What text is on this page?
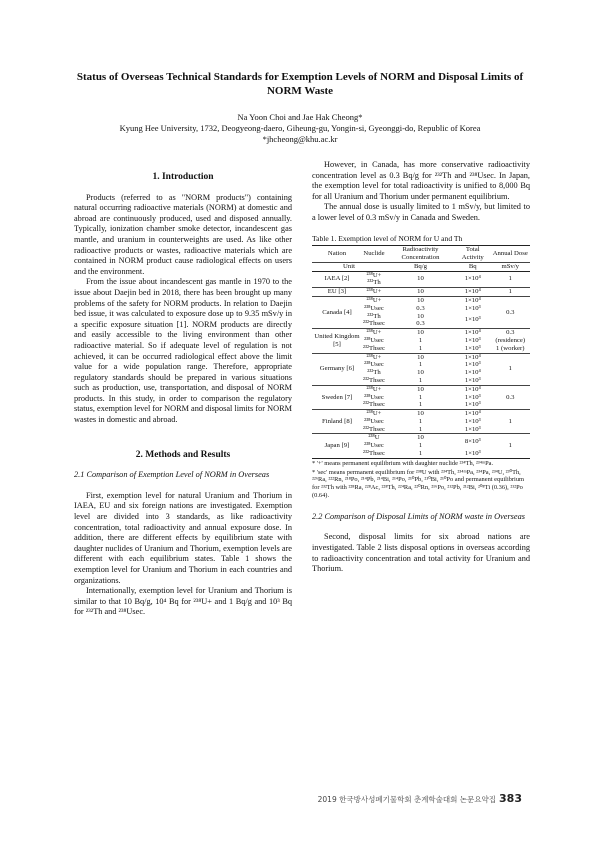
Status of Overseas Technical Standards for Exemption Levels of NORM and Disposal Limits of NORM Waste
Na Yoon Choi and Jae Hak Cheong*
Kyung Hee University, 1732, Deogyeong-daero, Giheung-gu, Yongin-si, Gyeonggi-do, Republic of Korea
*jhcheong@khu.ac.kr
1. Introduction

Products (referred to as "NORM products") containing natural occurring radioactive materials (NORM) at domestic and abroad are continuously produced, used and disposed annually. Typically, ionization chamber smoke detector, incandescent gas mantle, and uranium in counterweights are used. As like other radioactive products or wastes, radioactive materials which are contained in NORM product cause radiological effects on users and the environment.

From the issue about incandescent gas mantle in 1970 to the issue about Daejin bed in 2018, there has been brought up many problems of the safety for NORM products. In relation to Daejin bed issue, it was calculated to exposure dose up to 9.35 mSv/y in a specific exposure situation [1]. NORM products are directly and easily accessible to the living environment than other radioactive material. So if adequate level of regulation is not achieved, it can be occurred radiological effect above the limit value for a wide population range. Therefore, appropriate regulatory standards should be prepared in various situations such as production, use, transportation, and disposal of NORM products. In this study, in order to comparison the regulatory status, exemption level for NORM and disposal limits for NORM wastes in domestic and abroad.

2. Methods and Results
2.1 Comparison of Exemption Level of NORM in Overseas

First, exemption level for natural Uranium and Thorium in IAEA, EU and six foreign nations are investigated. Exemption level are divided into 3 standards, as like radioactivity concentration, total radioactivity and annual exposure dose. In addition, there are different effects by equilibrium state with daughter nuclides of Uranium and Thorium, exemption levels are different with each equilibrium states. Table 1 shows the exemption level for Uranium and Thorium in each countries and organizations.

Internationally, exemption level for Uranium and Thorium is similar to that 10 Bq/g, 10⁴ Bq for ²³⁸U+ and 1 Bq/g and 10³ Bq for ²³²Th and ²³⁸Usec.

However, in Canada, has more conservative radioactivity concentration level as 0.3 Bq/g for ²³²Th and ²³⁸Usec. In Japan, the exemption level for total radioactivity is unified to 8,000 Bq for all Uranium and Thorium under permanent equilibrium.

The annual dose is usually limited to 1 mSv/y, but limited to a lower level of 0.3 mSv/y in Canada and Sweden.

Table 1. Exemption level of NORM for U and Th
Nation	Nuclide	Radioactivity Concentration	Total Activity	Annual Dose
Unit		Bq/g	Bq	mSv/y
IAEA [2]	²³⁸U+	10	1×10⁴	1
	²³²Th			
EU [3]	²³⁸U+	10	1×10⁴	1
Canada [4]	²³⁸U+	10	1×10⁴	0.3
	²³⁸Usec	0.3	1×10³	
	²³²Th	10	1×10³	
	²³²Thsec	0.3		
United Kingdom [5]	²³⁸U+	10	1×10⁴	0.3 (residence)
	²³⁸Usec	1	1×10³	
	²³²Thsec	1	1×10³	1 (worker)
Germany [6]	²³⁸U+	10	1×10⁴	1
	²³⁸Usec	1	1×10³	
	²³²Th	10	1×10⁴	
	²³²Thsec	1	1×10³	
Sweden [7]	²³⁸U+	10	1×10⁴	0.3
	²³⁸Usec	1	1×10³	
	²³²Thsec	1	1×10³	
Finland [8]	²³⁸U+	10	1×10⁴	1
	²³⁸Usec	1	1×10³	
	²³²Thsec	1	1×10³	
Japan [9]	²³⁸U	10	8×10³	1
	²³⁸Usec	1		
	²³²Thsec	1	1×10³	
* '+' means permanent equilibrium with daughter nuclide ²³⁴Th, ²³⁴ᵐPa.
* 'sec' means permanent equilibrium for ²³⁸U with ²³⁴Th, ²³⁴ᵐPa, ²³⁴Pa, ²³⁴U, ²³⁰Th, ²²⁶Ra, ²²²Rn, ²¹⁸Po, ²¹⁴Pb, ²¹⁴Bi, ²¹⁴Po, ²¹⁰Pb, ²¹⁰Bi, ²¹⁰Po and permanent equilibrium for ²³²Th with ²²⁸Ra, ²²⁸Ac, ²²⁸Th, ²²⁴Ra, ²²⁰Rn, ²¹⁶Po, ²¹²Pb, ²¹²Bi, ²⁰⁸Ti (0.36), ²¹²Po (0.64).
2.2 Comparison of Disposal Limits of NORM waste in Overseas

Second, disposal limits for six abroad nations are investigated. Table 2 lists disposal options in overseas according to radioactivity concentration and total activity for Uranium and Thorium.

2019 한국방사성폐기물학회 춘계학술대회 논문요약집 383
